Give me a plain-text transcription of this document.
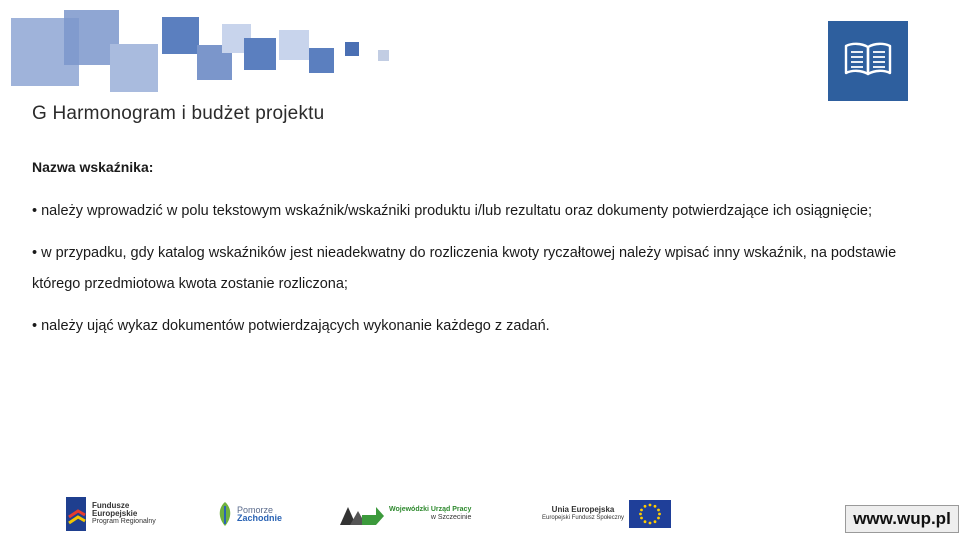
G Harmonogram i budżet projektu
Nazwa wskaźnika:
• należy wprowadzić w polu tekstowym wskaźnik/wskaźniki produktu i/lub rezultatu oraz dokumenty potwierdzające ich osiągnięcie;
• w przypadku, gdy katalog wskaźników jest nieadekwatny do rozliczenia kwoty ryczałtowej należy wpisać inny wskaźnik, na podstawie którego przedmiotowa kwota zostanie rozliczona;
• należy ująć wykaz dokumentów potwierdzających wykonanie każdego z zadań.
Fundusze
Europejskie
Program Regionalny
Pomorze
Zachodnie
Wojewódzki Urząd Pracy
w Szczecinie
Unia Europejska
Europejski Fundusz Społeczny	www.wup.pl
